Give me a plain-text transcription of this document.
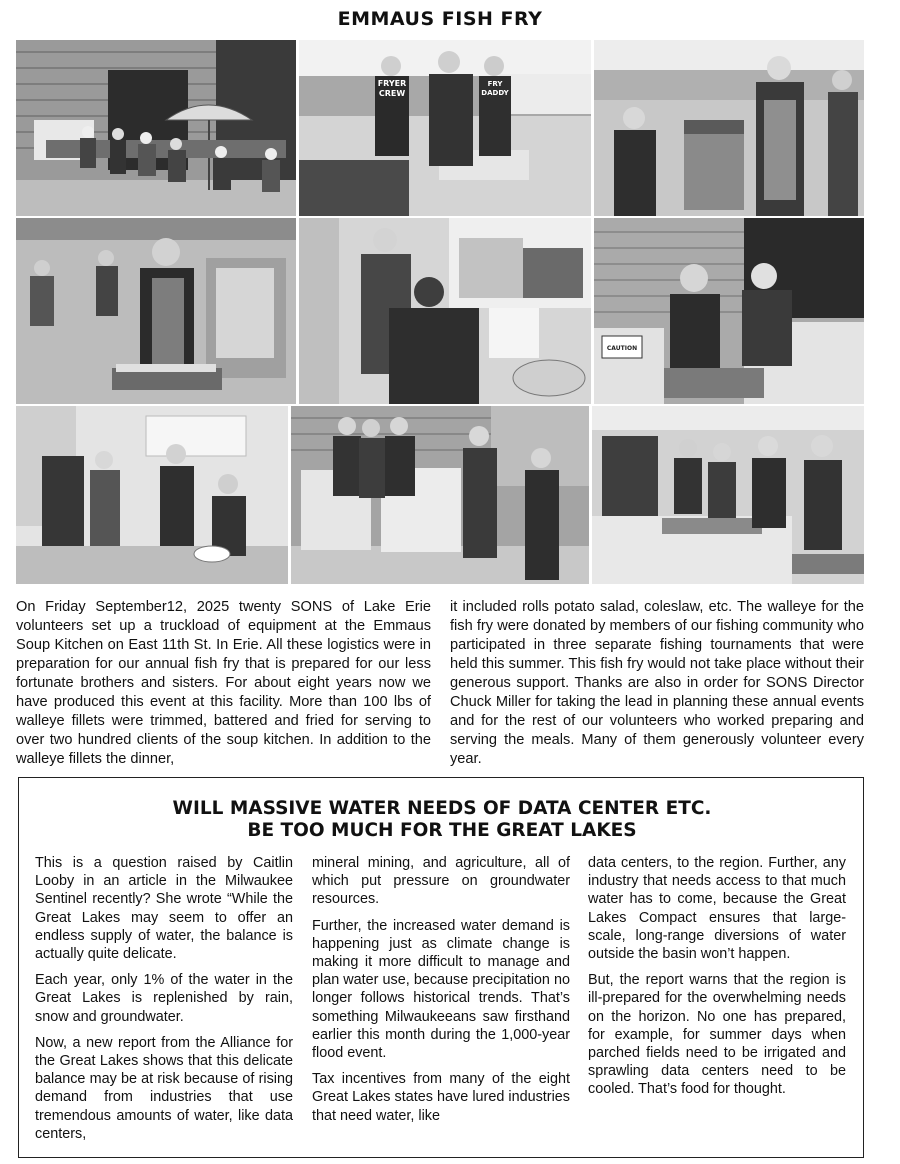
EMMAUS FISH FRY
FRYER
CREW
FRY
DADDY
CAUTION

On Friday September12, 2025 twenty SONS of Lake Erie volunteers set up a truckload of equipment at the Emmaus Soup Kitchen on East 11th St. In Erie. All these logistics were in preparation for our annual fish fry that is prepared for our less fortunate brothers and sisters. For about eight years now we have produced this event at this facility. More than 100 lbs of walleye fillets were trimmed, battered and fried for serving to over two hundred clients of the soup kitchen. In addition to the walleye fillets the dinner,

it included rolls potato salad, coleslaw, etc. The walleye for the fish fry were donated by members of our fishing community who participated in three separate fishing tournaments that were held this summer. This fish fry would not take place without their generous support. Thanks are also in order for SONS Director Chuck Miller for taking the lead in planning these annual events and for the rest of our volunteers who worked preparing and serving the meals. Many of them generously volunteer every year.

WILL MASSIVE WATER NEEDS OF DATA CENTER ETC.
BE TOO MUCH FOR THE GREAT LAKES

This is a question raised by Caitlin Looby in an article in the Milwaukee Sentinel recently? She wrote “While the Great Lakes may seem to offer an endless supply of water, the balance is actually quite delicate.

Each year, only 1% of the water in the Great Lakes is replenished by rain, snow and groundwater.

Now, a new report from the Alliance for the Great Lakes shows that this delicate balance may be at risk because of rising demand from industries that use tremendous amounts of water, like data centers,

mineral mining, and agriculture, all of which put pressure on groundwater resources.

Further, the increased water demand is happening just as climate change is making it more difficult to manage and plan water use, because precipitation no longer follows historical trends. That’s something Milwaukeeans saw firsthand earlier this month during the 1,000-year flood event.

Tax incentives from many of the eight Great Lakes states have lured industries that need water, like

data centers, to the region. Further, any industry that needs access to that much water has to come, because the Great Lakes Compact ensures that large-scale, long-range diversions of water outside the basin won’t happen.

But, the report warns that the region is ill-prepared for the overwhelming needs on the horizon. No one has prepared, for example, for summer days when parched fields need to be irrigated and sprawling data centers need to be cooled. That’s food for thought.
